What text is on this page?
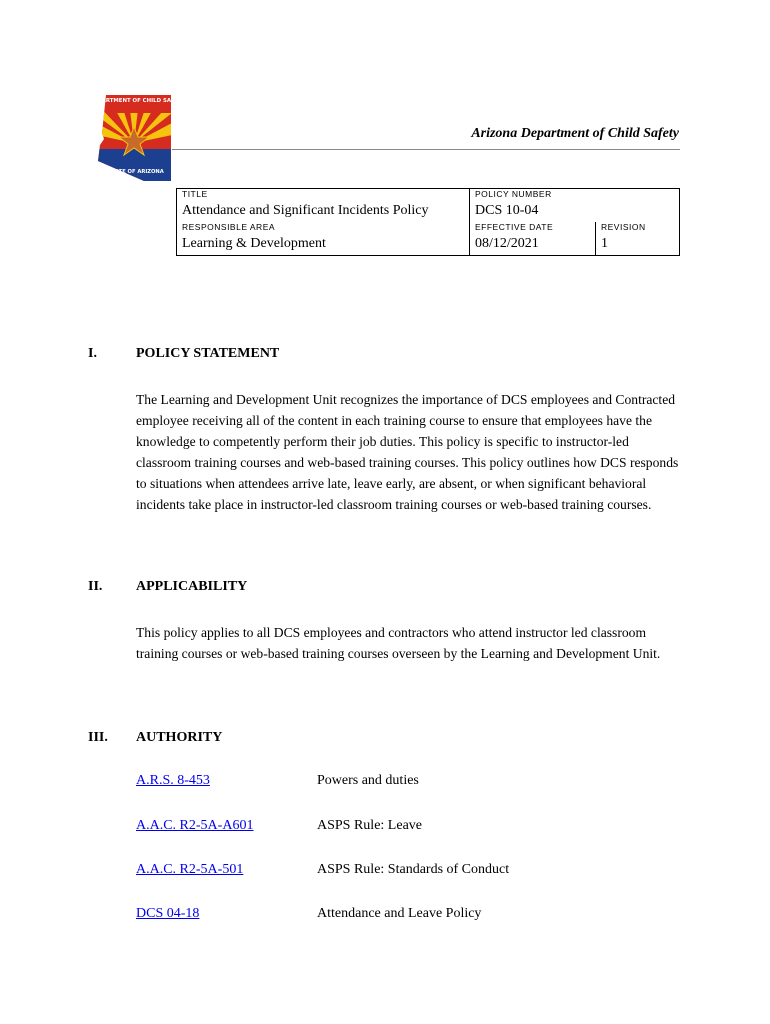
DEPARTMENT OF CHILD SAFETY
STATE OF ARIZONA
Arizona Department of Child Safety
TITLE	POLICY NUMBER	
Attendance and Significant Incidents Policy	DCS 10-04	
RESPONSIBLE AREA	EFFECTIVE DATE	REVISION
Learning & Development	08/12/2021	1
I.	POLICY STATEMENT
The Learning and Development Unit recognizes the importance of DCS employees and Contracted employee receiving all of the content in each training course to ensure that employees have the knowledge to competently perform their job duties. This policy is specific to instructor-led classroom training courses and web-based training courses. This policy outlines how DCS responds to situations when attendees arrive late, leave early, are absent, or when significant behavioral incidents take place in instructor-led classroom training courses or web-based training courses.
II. APPLICABILITY
This policy applies to all DCS employees and contractors who attend instructor led classroom training courses or web-based training courses overseen by the Learning and Development Unit.
III. AUTHORITY
A.R.S. 8-453	Powers and duties
A.A.C. R2-5A-A601	ASPS Rule: Leave
A.A.C. R2-5A-501	ASPS Rule: Standards of Conduct
DCS 04-18	Attendance and Leave Policy
